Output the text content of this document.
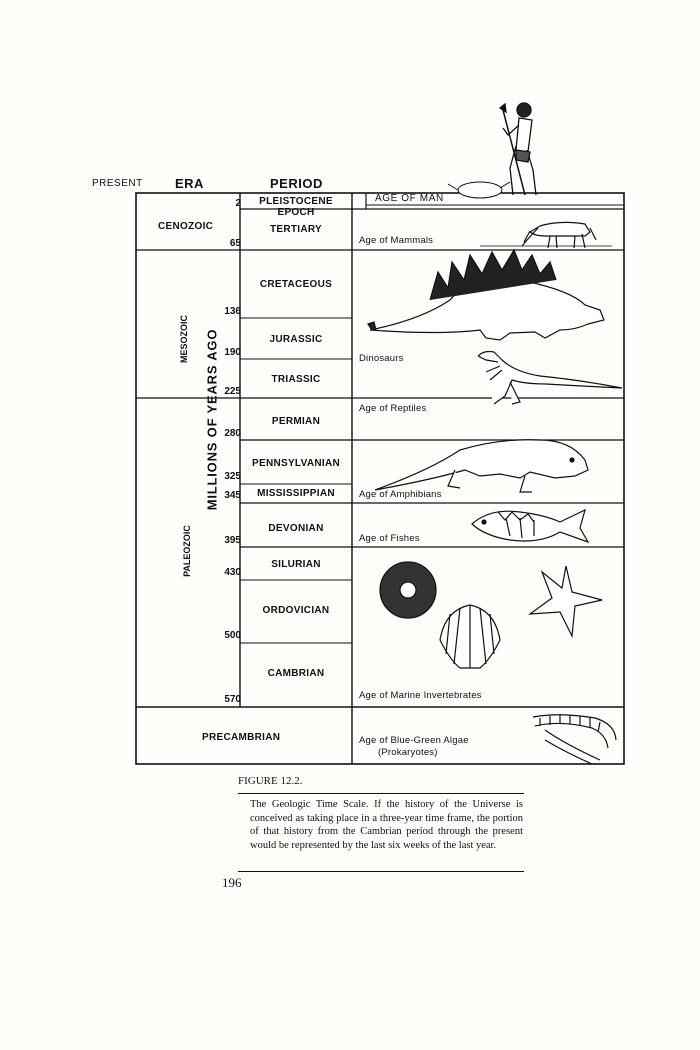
PRESENT ERA	PERIOD
AGE OF MAN
PLEISTOCENE EPOCH
TERTIARY
CRETACEOUS
JURASSIC
TRIASSIC
PERMIAN
PENNSYLVANIAN
MISSISSIPPIAN
DEVONIAN
SILURIAN
ORDOVICIAN
CAMBRIAN
2
65
136
190
225
280
325
345
395
430
500
570
CENOZOIC
MESOZOIC
PALEOZOIC
MILLIONS OF YEARS AGO
PRECAMBRIAN
Age of Mammals
Dinosaurs
Age of Reptiles
Age of Amphibians
Age of Fishes
Age of Marine Invertebrates
Age of Blue-Green Algae
(Prokaryotes)
FIGURE 12.2.
The Geologic Time Scale. If the history of the Universe is conceived as taking place in a three-year time frame, the portion of that history from the Cambrian period through the present would be represented by the last six weeks of the last year.
196
